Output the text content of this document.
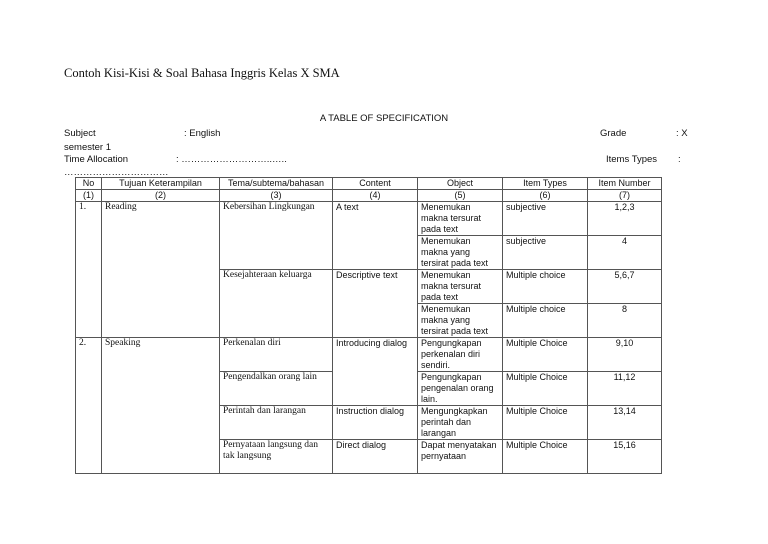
Contoh Kisi-Kisi & Soal Bahasa Inggris Kelas X SMA
A TABLE OF SPECIFICATION
Subject	: English	Grade	: X
semester 1
Time Allocation	: ………………………..…..	Items Types :
……………………………
No	Tujuan Keterampilan	Tema/subtema/bahasan	Content	Object	Item Types	Item Number
(1)	(2)	(3)	(4)	(5)	(6)	(7)
1.	Reading	Kebersihan Lingkungan	A text	Menemukan makna tersurat pada text	subjective	1,2,3
				Menemukan makna yang tersirat pada text	subjective	4
		Kesejahteraan keluarga	Descriptive text	Menemukan makna tersurat pada text	Multiple choice	5,6,7
				Menemukan makna yang tersirat pada text	Multiple choice	8
2.	Speaking	Perkenalan diri	Introducing dialog	Pengungkapan perkenalan diri sendiri.	Multiple Choice	9,10
		Pengendalkan orang lain		Pengungkapan pengenalan orang lain.	Multiple Choice	11,12
		Perintah dan larangan	Instruction dialog	Mengungkapkan perintah dan larangan	Multiple Choice	13,14
		Pernyataan langsung dan tak langsung	Direct dialog	Dapat menyatakan pernyataan	Multiple Choice	15,16
